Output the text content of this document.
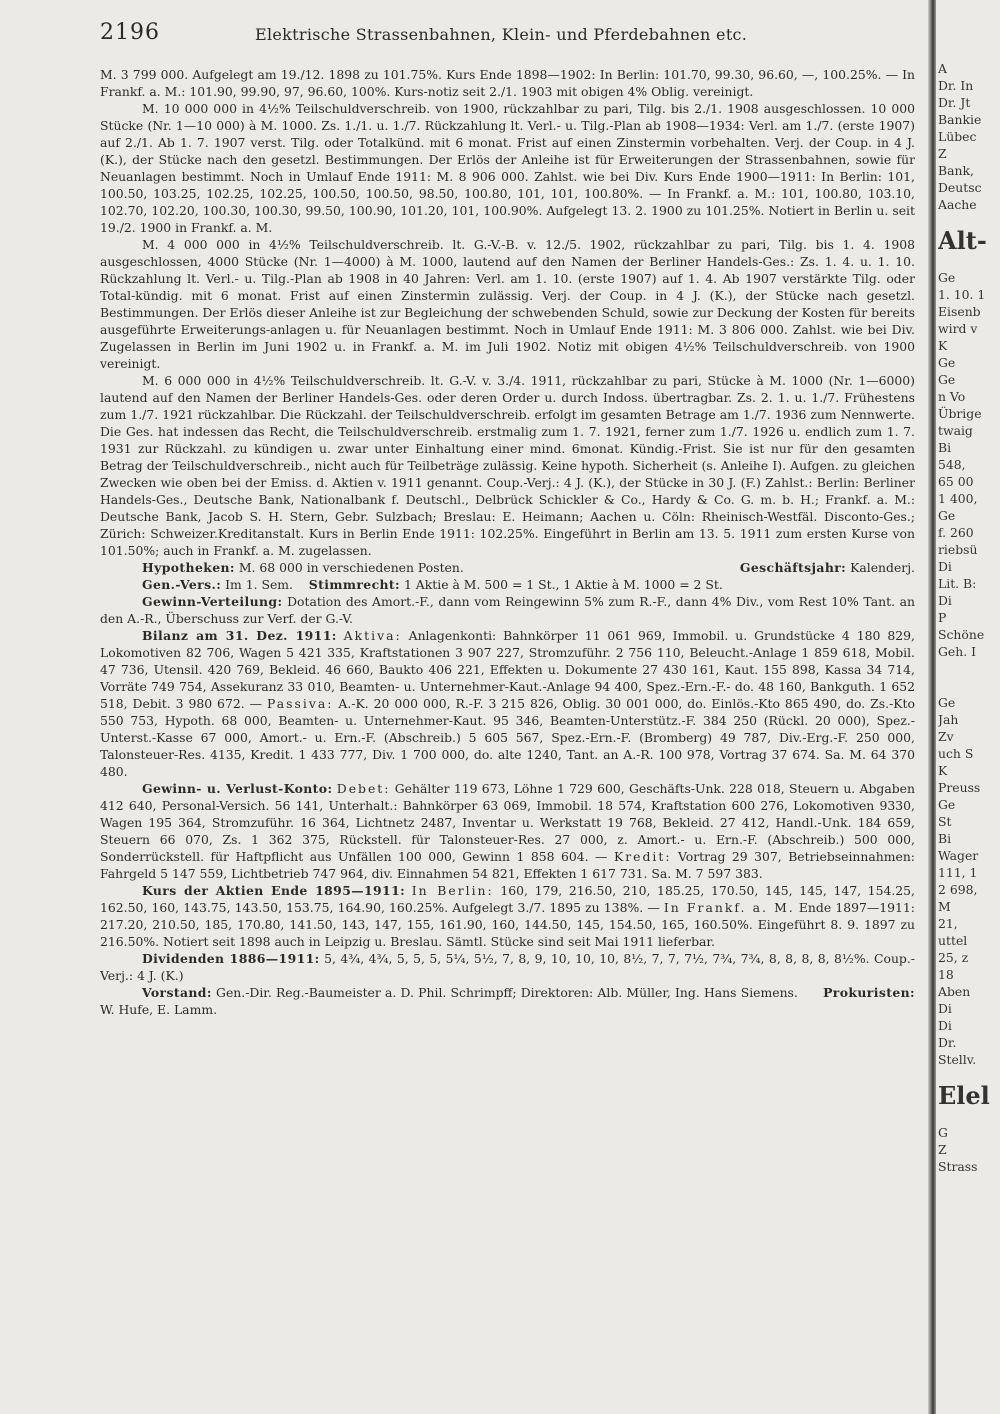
2196	Elektrische Strassenbahnen, Klein- und Pferdebahnen etc.

M. 3 799 000. Aufgelegt am 19./12. 1898 zu 101.75%. Kurs Ende 1898—1902: In Berlin: 101.70, 99.30, 96.60, —, 100.25%. — In Frankf. a. M.: 101.90, 99.90, 97, 96.60, 100%. Kurs-notiz seit 2./1. 1903 mit obigen 4% Oblig. vereinigt.

M. 10 000 000 in 4½% Teilschuldverschreib. von 1900, rückzahlbar zu pari, Tilg. bis 2./1. 1908 ausgeschlossen. 10 000 Stücke (Nr. 1—10 000) à M. 1000. Zs. 1./1. u. 1./7. Rückzahlung lt. Verl.- u. Tilg.-Plan ab 1908—1934: Verl. am 1./7. (erste 1907) auf 2./1. Ab 1. 7. 1907 verst. Tilg. oder Totalkünd. mit 6 monat. Frist auf einen Zinstermin vorbehalten. Verj. der Coup. in 4 J. (K.), der Stücke nach den gesetzl. Bestimmungen. Der Erlös der Anleihe ist für Erweiterungen der Strassenbahnen, sowie für Neuanlagen bestimmt. Noch in Umlauf Ende 1911: M. 8 906 000. Zahlst. wie bei Div. Kurs Ende 1900—1911: In Berlin: 101, 100.50, 103.25, 102.25, 102.25, 100.50, 100.50, 98.50, 100.80, 101, 101, 100.80%. — In Frankf. a. M.: 101, 100.80, 103.10, 102.70, 102.20, 100.30, 100.30, 99.50, 100.90, 101.20, 101, 100.90%. Aufgelegt 13. 2. 1900 zu 101.25%. Notiert in Berlin u. seit 19./2. 1900 in Frankf. a. M.

M. 4 000 000 in 4½% Teilschuldverschreib. lt. G.-V.-B. v. 12./5. 1902, rückzahlbar zu pari, Tilg. bis 1. 4. 1908 ausgeschlossen, 4000 Stücke (Nr. 1—4000) à M. 1000, lautend auf den Namen der Berliner Handels-Ges.: Zs. 1. 4. u. 1. 10. Rückzahlung lt. Verl.- u. Tilg.-Plan ab 1908 in 40 Jahren: Verl. am 1. 10. (erste 1907) auf 1. 4. Ab 1907 verstärkte Tilg. oder Total-kündig. mit 6 monat. Frist auf einen Zinstermin zulässig. Verj. der Coup. in 4 J. (K.), der Stücke nach gesetzl. Bestimmungen. Der Erlös dieser Anleihe ist zur Begleichung der schwebenden Schuld, sowie zur Deckung der Kosten für bereits ausgeführte Erweiterungs-anlagen u. für Neuanlagen bestimmt. Noch in Umlauf Ende 1911: M. 3 806 000. Zahlst. wie bei Div. Zugelassen in Berlin im Juni 1902 u. in Frankf. a. M. im Juli 1902. Notiz mit obigen 4½% Teilschuldverschreib. von 1900 vereinigt.

M. 6 000 000 in 4½% Teilschuldverschreib. lt. G.-V. v. 3./4. 1911, rückzahlbar zu pari, Stücke à M. 1000 (Nr. 1—6000) lautend auf den Namen der Berliner Handels-Ges. oder deren Order u. durch Indoss. übertragbar. Zs. 2. 1. u. 1./7. Frühestens zum 1./7. 1921 rückzahlbar. Die Rückzahl. der Teilschuldverschreib. erfolgt im gesamten Betrage am 1./7. 1936 zum Nennwerte. Die Ges. hat indessen das Recht, die Teilschuldverschreib. erstmalig zum 1. 7. 1921, ferner zum 1./7. 1926 u. endlich zum 1. 7. 1931 zur Rückzahl. zu kündigen u. zwar unter Einhaltung einer mind. 6monat. Kündig.-Frist. Sie ist nur für den gesamten Betrag der Teilschuldverschreib., nicht auch für Teilbeträge zulässig. Keine hypoth. Sicherheit (s. Anleihe I). Aufgen. zu gleichen Zwecken wie oben bei der Emiss. d. Aktien v. 1911 genannt. Coup.-Verj.: 4 J. (K.), der Stücke in 30 J. (F.) Zahlst.: Berlin: Berliner Handels-Ges., Deutsche Bank, Nationalbank f. Deutschl., Delbrück Schickler & Co., Hardy & Co. G. m. b. H.; Frankf. a. M.: Deutsche Bank, Jacob S. H. Stern, Gebr. Sulzbach; Breslau: E. Heimann; Aachen u. Cöln: Rheinisch-Westfäl. Disconto-Ges.; Zürich: Schweizer.Kreditanstalt. Kurs in Berlin Ende 1911: 102.25%. Eingeführt in Berlin am 13. 5. 1911 zum ersten Kurse von 101.50%; auch in Frankf. a. M. zugelassen.

Hypotheken: M. 68 000 in verschiedenen Posten.	Geschäftsjahr: Kalenderj.

Gen.-Vers.: Im 1. Sem. Stimmrecht: 1 Aktie à M. 500 = 1 St., 1 Aktie à M. 1000 = 2 St.

Gewinn-Verteilung: Dotation des Amort.-F., dann vom Reingewinn 5% zum R.-F., dann 4% Div., vom Rest 10% Tant. an den A.-R., Überschuss zur Verf. der G.-V.

Bilanz am 31. Dez. 1911: Aktiva: Anlagenkonti: Bahnkörper 11 061 969, Immobil. u. Grundstücke 4 180 829, Lokomotiven 82 706, Wagen 5 421 335, Kraftstationen 3 907 227, Stromzuführ. 2 756 110, Beleucht.-Anlage 1 859 618, Mobil. 47 736, Utensil. 420 769, Bekleid. 46 660, Baukto 406 221, Effekten u. Dokumente 27 430 161, Kaut. 155 898, Kassa 34 714, Vorräte 749 754, Assekuranz 33 010, Beamten- u. Unternehmer-Kaut.-Anlage 94 400, Spez.-Ern.-F.- do. 48 160, Bankguth. 1 652 518, Debit. 3 980 672. — Passiva: A.-K. 20 000 000, R.-F. 3 215 826, Oblig. 30 001 000, do. Einlös.-Kto 865 490, do. Zs.-Kto 550 753, Hypoth. 68 000, Beamten- u. Unternehmer-Kaut. 95 346, Beamten-Unterstütz.-F. 384 250 (Rückl. 20 000), Spez.-Unterst.-Kasse 67 000, Amort.- u. Ern.-F. (Abschreib.) 5 605 567, Spez.-Ern.-F. (Bromberg) 49 787, Div.-Erg.-F. 250 000, Talonsteuer-Res. 4135, Kredit. 1 433 777, Div. 1 700 000, do. alte 1240, Tant. an A.-R. 100 978, Vortrag 37 674. Sa. M. 64 370 480.

Gewinn- u. Verlust-Konto: Debet: Gehälter 119 673, Löhne 1 729 600, Geschäfts-Unk. 228 018, Steuern u. Abgaben 412 640, Personal-Versich. 56 141, Unterhalt.: Bahnkörper 63 069, Immobil. 18 574, Kraftstation 600 276, Lokomotiven 9330, Wagen 195 364, Stromzuführ. 16 364, Lichtnetz 2487, Inventar u. Werkstatt 19 768, Bekleid. 27 412, Handl.-Unk. 184 659, Steuern 66 070, Zs. 1 362 375, Rückstell. für Talonsteuer-Res. 27 000, z. Amort.- u. Ern.-F. (Abschreib.) 500 000, Sonderrückstell. für Haftpflicht aus Unfällen 100 000, Gewinn 1 858 604. — Kredit: Vortrag 29 307, Betriebseinnahmen: Fahrgeld 5 147 559, Lichtbetrieb 747 964, div. Einnahmen 54 821, Effekten 1 617 731. Sa. M. 7 597 383.

Kurs der Aktien Ende 1895—1911: In Berlin: 160, 179, 216.50, 210, 185.25, 170.50, 145, 145, 147, 154.25, 162.50, 160, 143.75, 143.50, 153.75, 164.90, 160.25%. Aufgelegt 3./7. 1895 zu 138%. — In Frankf. a. M. Ende 1897—1911: 217.20, 210.50, 185, 170.80, 141.50, 143, 147, 155, 161.90, 160, 144.50, 145, 154.50, 165, 160.50%. Eingeführt 8. 9. 1897 zu 216.50%. Notiert seit 1898 auch in Leipzig u. Breslau. Sämtl. Stücke sind seit Mai 1911 lieferbar.

Dividenden 1886—1911: 5, 4¾, 4¾, 5, 5, 5, 5¼, 5½, 7, 8, 9, 10, 10, 10, 8½, 7, 7, 7½, 7¾, 7¾, 8, 8, 8, 8, 8½%. Coup.-Verj.: 4 J. (K.)

Vorstand: Gen.-Dir. Reg.-Baumeister a. D. Phil. Schrimpff; Direktoren: Alb. Müller, Ing. Hans Siemens. Prokuristen: W. Hufe, E. Lamm.

A
Dr. In
Dr. Jt
Bankie
Lübec
Z
Bank,
Deutsc
Aache
Alt-
Ge
1. 10. 1
Eisenb
wird v
K
Ge
Ge
n Vo
Übrige
twaig
Bi
548,
65 00
1 400,
Ge
f. 260
riebsü
Di
Lit. B:
Di
P
Schöne
Geh. I
Ge
Jah
Zv
uch S
K
Preuss
Ge
St
Bi
Wager
111, 1
2 698,
M
21,
uttel
25, z
18
Aben
Di
Di
Dr.
Stellv.
Elel
G
Z
Strass
